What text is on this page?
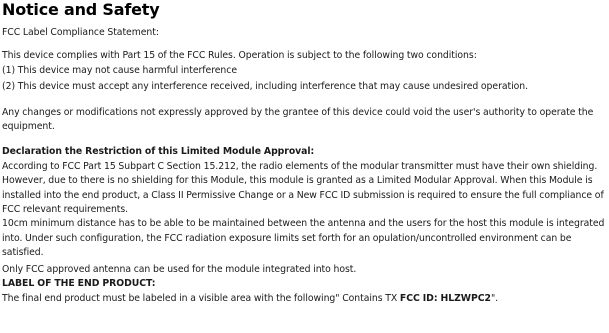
Notice and Safety

FCC Label Compliance Statement:

This device complies with Part 15 of the FCC Rules. Operation is subject to the following two conditions:

(1) This device may not cause harmful interference

(2) This device must accept any interference received, including interference that may cause undesired operation.

Any changes or modifications not expressly approved by the grantee of this device could void the user's authority to operate the equipment.

Declaration the Restriction of this Limited Module Approval:

According to FCC Part 15 Subpart C Section 15.212, the radio elements of the modular transmitter must have their own shielding. However, due to there is no shielding for this Module, this module is granted as a Limited Modular Approval. When this Module is installed into the end product, a Class II Permissive Change or a New FCC ID submission is required to ensure the full compliance of FCC relevant requirements.

10cm minimum distance has to be able to be maintained between the antenna and the users for the host this module is integrated into. Under such configuration, the FCC radiation exposure limits set forth for an opulation/uncontrolled environment can be satisfied.

Only FCC approved antenna can be used for the module integrated into host.

LABEL OF THE END PRODUCT:

The final end product must be labeled in a visible area with the following" Contains TX FCC ID: HLZWPC2".
